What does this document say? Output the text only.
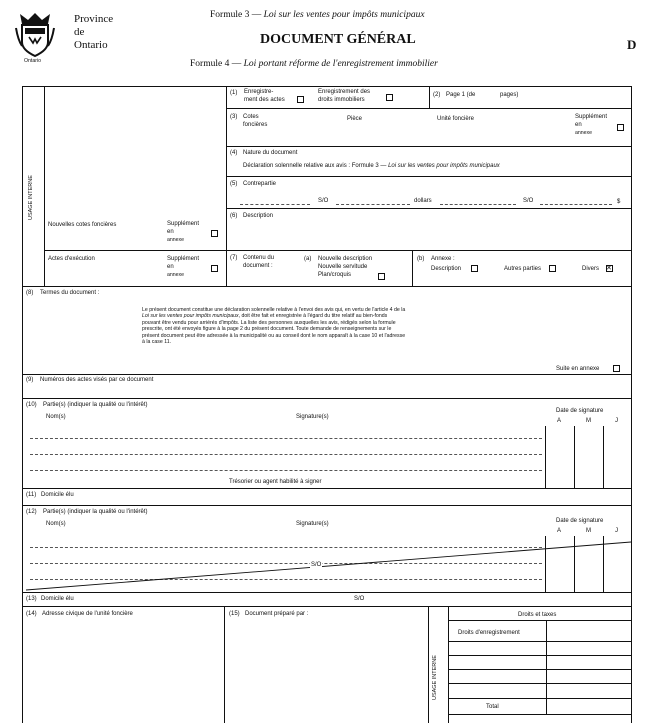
Ontario
Province
de
Ontario
Formule 3 — Loi sur les ventes pour impôts municipaux
DOCUMENT GÉNÉRAL	D
Formule 4 — Loi portant réforme de l'enregistrement immobilier
USAGE INTERNE
Nouvelles cotes foncières	Supplément
en
annexe
Actes d'exécution	Supplément
en
annexe
(1) Enregistre-
ment des actes
Enregistrement des
droits immobiliers
(2) Page 1 (de	pages)
(3) Cotes
foncières
Pièce	Unité foncière	Supplément
en
annexe
(4) Nature du document
Déclaration solennelle relative aux avis : Formule 3 — Loi sur les ventes pour impôts municipaux
(5) Contrepartie
S/O	dollars	S/O	$
(6) Description
(7) Contenu du
document :
(a) Nouvelle description
Nouvelle servitude
Plan/croquis
(b) Annexe :
Description	Autres parties	Divers ✕
(8) Termes du document :
Le présent document constitue une déclaration solennelle relative à l'envoi des avis qui, en vertu de l'article 4 de la
Loi sur les ventes pour impôts municipaux, doit être fait et enregistrée à l'égard du titre relatif au bien-fonds
pouvant être vendu pour arriérés d'impôts. La liste des personnes auxquelles les avis, rédigés selon la formule
prescrite, ont été envoyés figure à la page 2 du présent document. Toute demande de renseignements sur le
présent document peut être adressée à la municipalité ou au conseil dont le nom apparaît à la case 10 et l'adresse
à la case 11.
Suite en annexe
(9) Numéros des actes visés par ce document
(10) Partie(s) (indiquer la qualité ou l'intérêt)
Nom(s)	Signature(s)
Date de signature
A	M	J
Trésorier ou agent habilité à signer
(11) Domicile élu
(12) Partie(s) (indiquer la qualité ou l'intérêt)
Nom(s)	Signature(s)	Date de signature
A	M	J
S/O
(13) Domicile élu	S/O
(14) Adresse civique de l'unité foncière	(15) Document préparé par :
USAGE INTERNE
Droits et taxes
Droits d'enregistrement
Total
